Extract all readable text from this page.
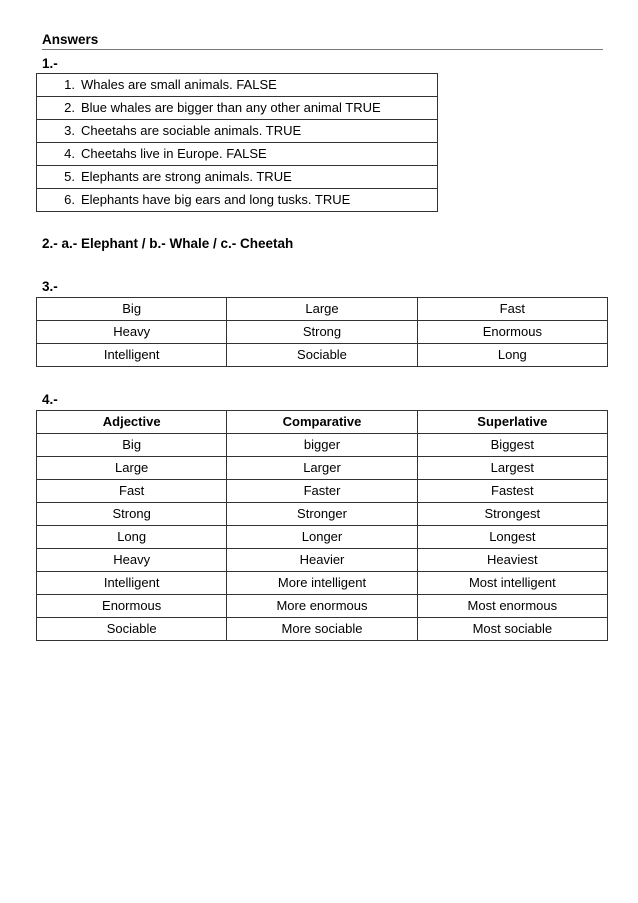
Answers
1.-
1. Whales are small animals. FALSE
2. Blue whales are bigger than any other animal TRUE
3. Cheetahs are sociable animals. TRUE
4. Cheetahs live in Europe. FALSE
5. Elephants are strong animals. TRUE
6. Elephants have big ears and long tusks. TRUE
2.- a.- Elephant / b.- Whale / c.- Cheetah
3.-
Big	Large	Fast
Heavy	Strong	Enormous
Intelligent	Sociable	Long
4.-
Adjective	Comparative	Superlative
Big	bigger	Biggest
Large	Larger	Largest
Fast	Faster	Fastest
Strong	Stronger	Strongest
Long	Longer	Longest
Heavy	Heavier	Heaviest
Intelligent	More intelligent	Most intelligent
Enormous	More enormous	Most enormous
Sociable	More sociable	Most sociable
